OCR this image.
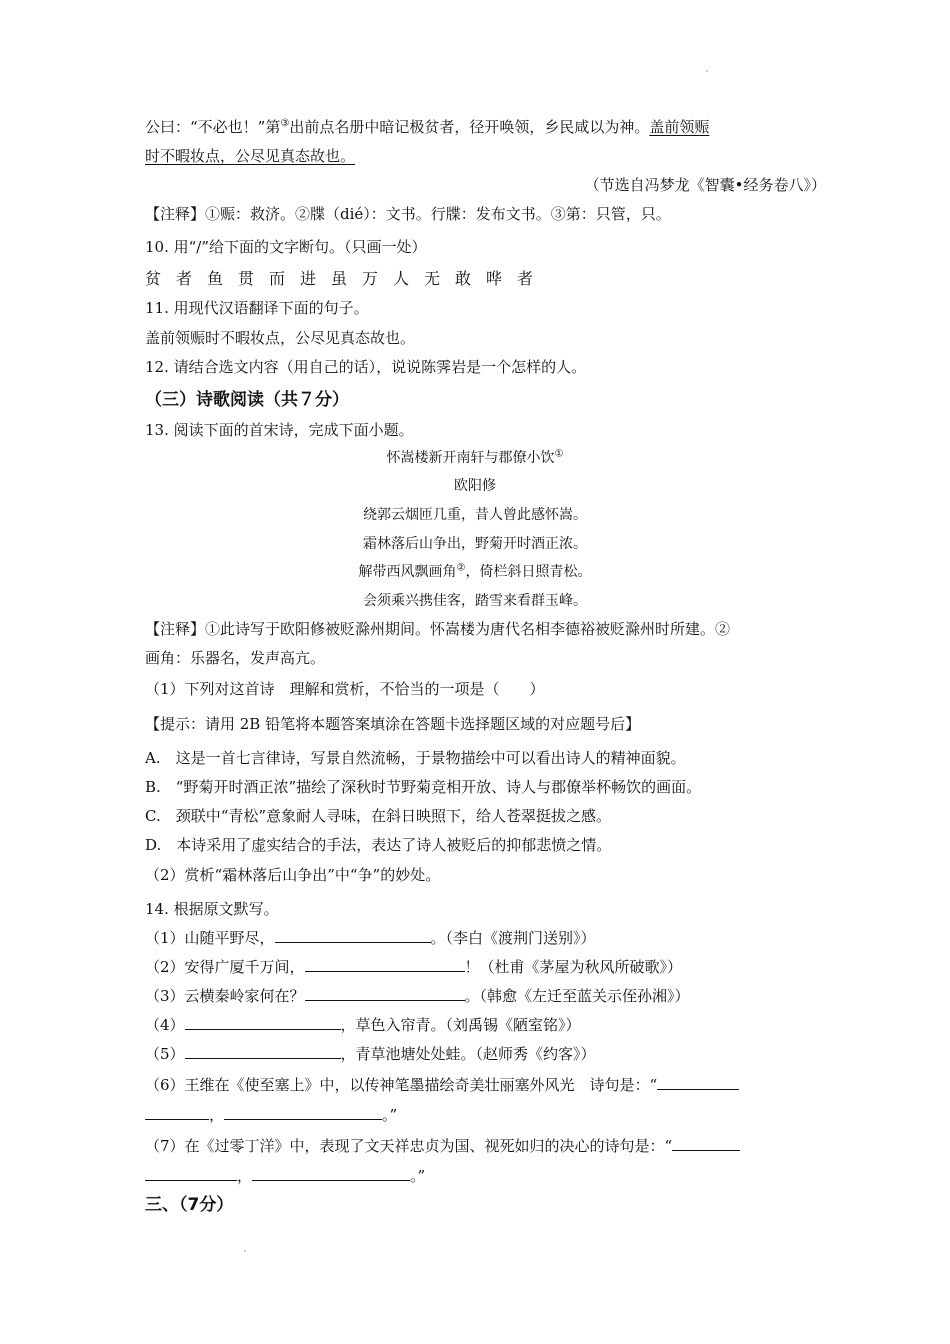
公曰：“不必也！”第③出前点名册中暗记极贫者，径开唤领，乡民咸以为神。盖前领赈
时不暇妆点，公尽见真态故也。
（节选自冯梦龙《智囊•经务卷八》）
【注释】①赈：救济。②牒（dié）：文书。行牒：发布文书。③第：只管，只。
10. 用“/”给下面的文字断句。（只画一处）
贫 者 鱼 贯 而 进 虽 万 人 无 敢 哗 者
11. 用现代汉语翻译下面的句子。
盖前领赈时不暇妆点，公尽见真态故也。
12. 请结合选文内容（用自己的话），说说陈霁岩是一个怎样的人。
（三）诗歌阅读（共７分）
13. 阅读下面的首宋诗，完成下面小题。
怀嵩楼新开南轩与郡僚小饮①
欧阳修
绕郭云烟匝几重，昔人曾此感怀嵩。
霜林落后山争出，野菊开时酒正浓。
解带西风飘画角②，倚栏斜日照青松。
会须乘兴携佳客，踏雪来看群玉峰。
【注释】①此诗写于欧阳修被贬滁州期间。怀嵩楼为唐代名相李德裕被贬滁州时所建。②
画角：乐器名，发声高亢。
（1）下列对这首诗　理解和赏析，不恰当的一项是（　　）
【提示：请用 2B 铅笔将本题答案填涂在答题卡选择题区域的对应题号后】
A.　这是一首七言律诗，写景自然流畅，于景物描绘中可以看出诗人的精神面貌。
B.　“野菊开时酒正浓”描绘了深秋时节野菊竞相开放、诗人与郡僚举杯畅饮的画面。
C.　颈联中“青松”意象耐人寻味，在斜日映照下，给人苍翠挺拔之感。
D.　本诗采用了虚实结合的手法，表达了诗人被贬后的抑郁悲愤之情。
（2）赏析“霜林落后山争出”中“争”的妙处。
14. 根据原文默写。
（1）山随平野尽，	。（李白《渡荆门送别》）
（2）安得广厦千万间，	！（杜甫《茅屋为秋风所破歌》）
（3）云横秦岭家何在？	。（韩愈《左迁至蓝关示侄孙湘》）
（4）	，草色入帘青。（刘禹锡《陋室铭》）
（5）	，青草池塘处处蛙。（赵师秀《约客》）
（6）王维在《使至塞上》中，以传神笔墨描绘奇美壮丽塞外风光　诗句是：“
，	。”
（7）在《过零丁洋》中，表现了文天祥忠贞为国、视死如归的决心的诗句是：“
，	。”
三、（7分）
